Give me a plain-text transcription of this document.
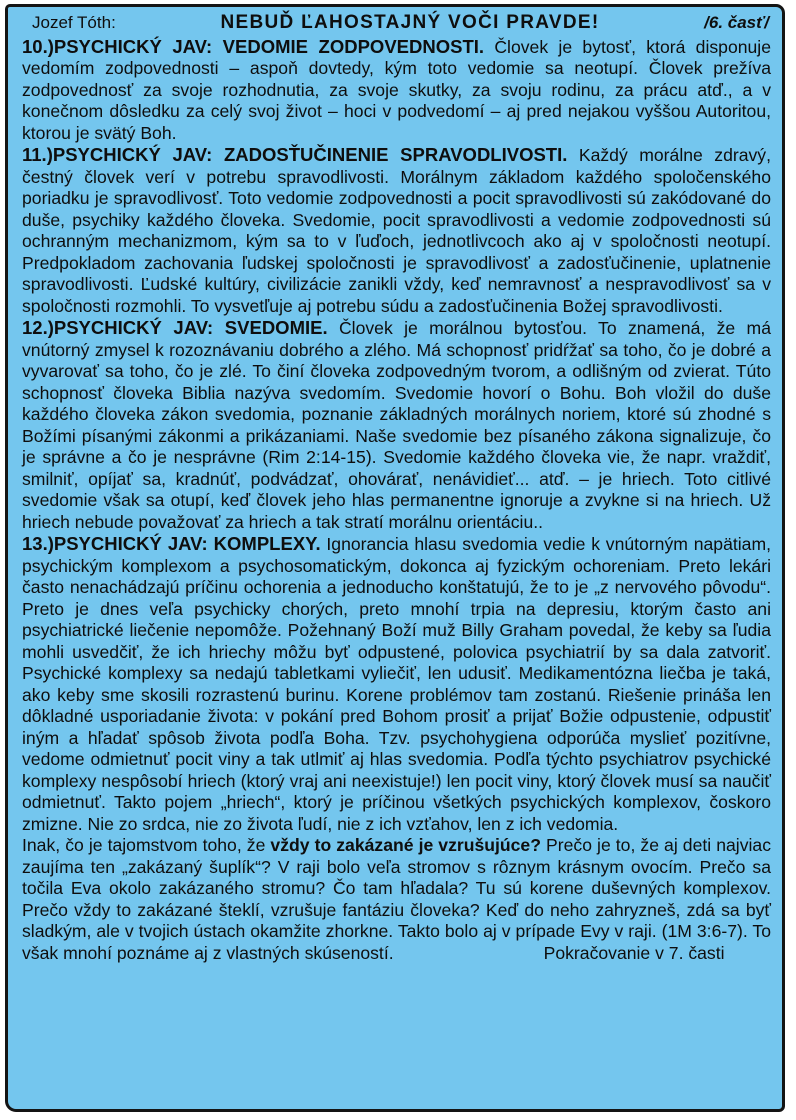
Jozef Tóth:	NEBUĎ ĽAHOSTAJNÝ VOČI PRAVDE!	/6. časť/

10.)PSYCHICKÝ JAV: VEDOMIE ZODPOVEDNOSTI. Človek je bytosť, ktorá disponuje vedomím zodpovednosti – aspoň dovtedy, kým toto vedomie sa neotupí. Človek prežíva zodpovednosť za svoje rozhodnutia, za svoje skutky, za svoju rodinu, za prácu atď., a v konečnom dôsledku za celý svoj život – hoci v podvedomí – aj pred nejakou vyššou Autoritou, ktorou je svätý Boh.

11.)PSYCHICKÝ JAV: ZADOSŤUČINENIE SPRAVODLIVOSTI. Každý morálne zdravý, čestný človek verí v potrebu spravodlivosti. Morálnym základom každého spoločenského poriadku je spravodlivosť. Toto vedomie zodpovednosti a pocit spravodlivosti sú zakódované do duše, psychiky každého človeka. Svedomie, pocit spravodlivosti a vedomie zodpovednosti sú ochranným mechanizmom, kým sa to v ľuďoch, jednotlivcoch ako aj v spoločnosti neotupí. Predpokladom zachovania ľudskej spoločnosti je spravodlivosť a zadosťučinenie, uplatnenie spravodlivosti. Ľudské kultúry, civilizácie zanikli vždy, keď nemravnosť a nespravodlivosť sa v spoločnosti rozmohli. To vysvetľuje aj potrebu súdu a zadosťučinenia Božej spravodlivosti.

12.)PSYCHICKÝ JAV: SVEDOMIE. Človek je morálnou bytosťou. To znamená, že má vnútorný zmysel k rozoznávaniu dobrého a zlého. Má schopnosť pridŕžať sa toho, čo je dobré a vyvarovať sa toho, čo je zlé. To činí človeka zodpovedným tvorom, a odlišným od zvierat. Túto schopnosť človeka Biblia nazýva svedomím. Svedomie hovorí o Bohu. Boh vložil do duše každého človeka zákon svedomia, poznanie základných morálnych noriem, ktoré sú zhodné s Božími písanými zákonmi a prikázaniami. Naše svedomie bez písaného zákona signalizuje, čo je správne a čo je nesprávne (Rim 2:14-15). Svedomie každého človeka vie, že napr. vraždiť, smilniť, opíjať sa, kradnúť, podvádzať, ohovárať, nenávidieť... atď. – je hriech. Toto citlivé svedomie však sa otupí, keď človek jeho hlas permanentne ignoruje a zvykne si na hriech. Už hriech nebude považovať za hriech a tak stratí morálnu orientáciu..

13.)PSYCHICKÝ JAV: KOMPLEXY. Ignorancia hlasu svedomia vedie k vnútorným napätiam, psychickým komplexom a psychosomatickým, dokonca aj fyzickým ochoreniam. Preto lekári často nenachádzajú príčinu ochorenia a jednoducho konštatujú, že to je „z nervového pôvodu“. Preto je dnes veľa psychicky chorých, preto mnohí trpia na depresiu, ktorým často ani psychiatrické liečenie nepomôže. Požehnaný Boží muž Billy Graham povedal, že keby sa ľudia mohli usvedčiť, že ich hriechy môžu byť odpustené, polovica psychiatrií by sa dala zatvoriť. Psychické komplexy sa nedajú tabletkami vyliečiť, len udusiť. Medikamentózna liečba je taká, ako keby sme skosili rozrastenú burinu. Korene problémov tam zostanú. Riešenie prináša len dôkladné usporiadanie života: v pokání pred Bohom prosiť a prijať Božie odpustenie, odpustiť iným a hľadať spôsob života podľa Boha. Tzv. psychohygiena odporúča myslieť pozitívne, vedome odmietnuť pocit viny a tak utlmiť aj hlas svedomia. Podľa týchto psychiatrov psychické komplexy nespôsobí hriech (ktorý vraj ani neexistuje!) len pocit viny, ktorý človek musí sa naučiť odmietnuť. Takto pojem „hriech“, ktorý je príčinou všetkých psychických komplexov, čoskoro zmizne. Nie zo srdca, nie zo života ľudí, nie z ich vzťahov, len z ich vedomia.

Inak, čo je tajomstvom toho, že vždy to zakázané je vzrušujúce? Prečo je to, že aj deti najviac zaujíma ten „zakázaný šuplík“? V raji bolo veľa stromov s rôznym krásnym ovocím. Prečo sa točila Eva okolo zakázaného stromu? Čo tam hľadala? Tu sú korene duševných komplexov. Prečo vždy to zakázané šteklí, vzrušuje fantáziu človeka? Keď do neho zahryzneš, zdá sa byť sladkým, ale v tvojich ústach okamžite zhorkne. Takto bolo aj v prípade Evy v raji. (1M 3:6-7). To však mnohí poznáme aj z vlastných skúseností.	Pokračovanie v 7. časti
